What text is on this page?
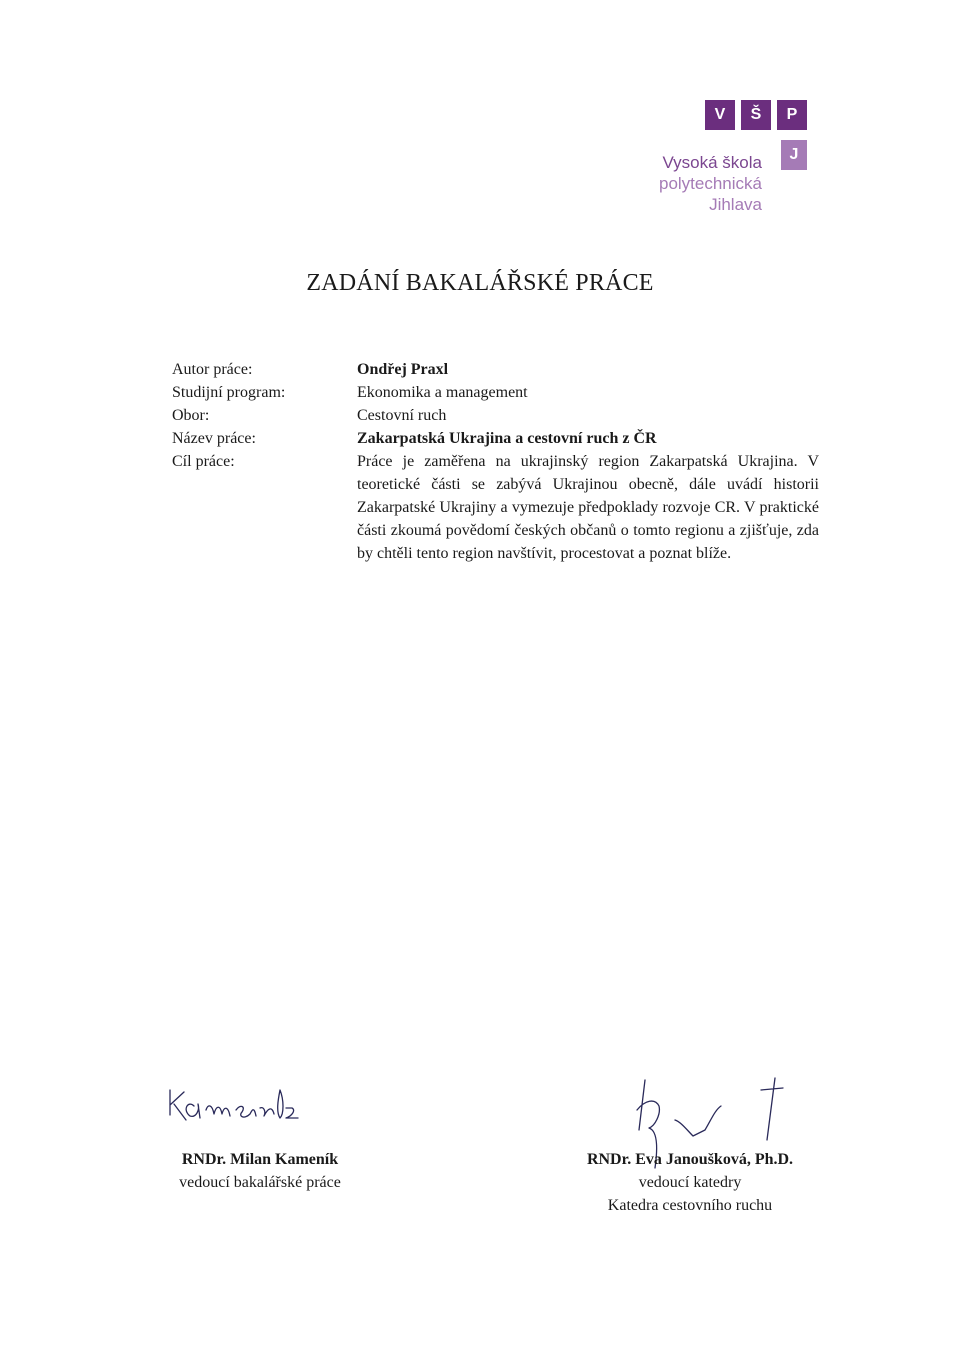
V	Š	P
J
Vysoká škola
polytechnická
Jihlava
ZADÁNÍ BAKALÁŘSKÉ PRÁCE
Autor práce:
Studijní program:
Obor:
Název práce:
Cíl práce:
Ondřej Praxl
Ekonomika a management
Cestovní ruch
Zakarpatská Ukrajina a cestovní ruch z ČR
Práce je zaměřena na ukrajinský region Zakarpatská Ukrajina. V teoretické části se zabývá Ukrajinou obecně, dále uvádí historii Zakarpatské Ukrajiny a vymezuje předpoklady rozvoje CR. V praktické části zkoumá povědomí českých občanů o tomto regionu a zjišťuje, zda by chtěli tento region navštívit, procestovat a poznat blíže.
RNDr. Milan Kameník
vedoucí bakalářské práce
RNDr. Eva Janoušková, Ph.D.
vedoucí katedry
Katedra cestovního ruchu
